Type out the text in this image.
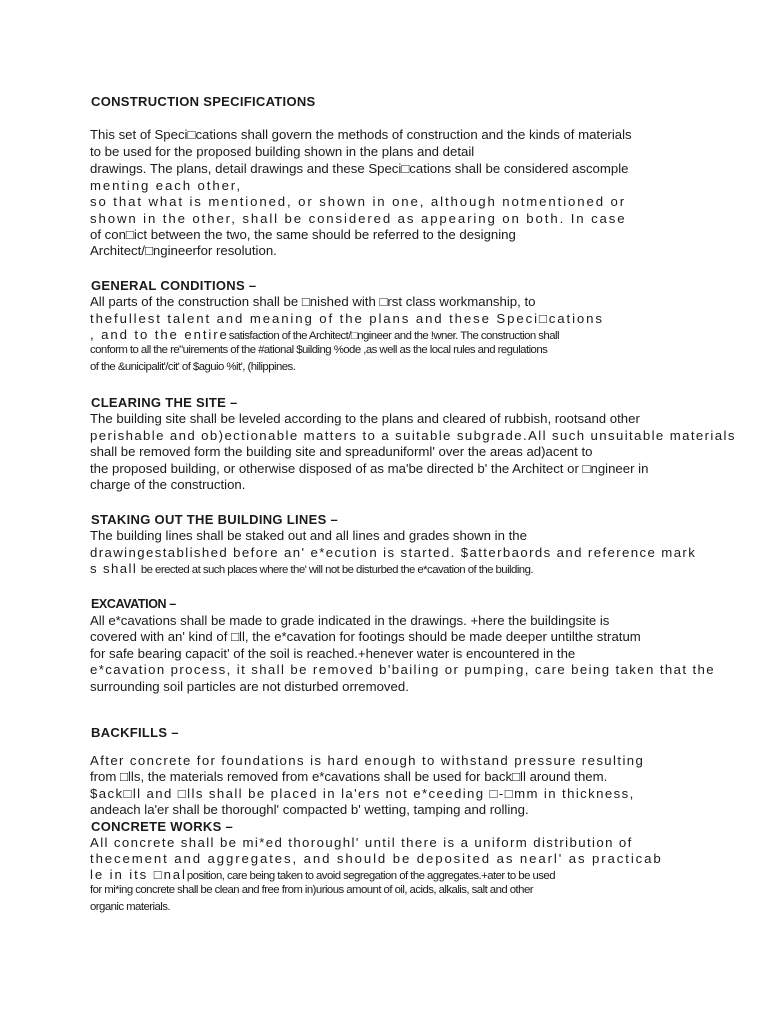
CONSTRUCTION SPECIFICATIONS
This set of Speci□cations shall govern the methods of construction and the kinds of materials
to be used for the proposed building shown in the plans and detail
drawings. The plans, detail drawings and these Speci□cations shall be considered ascomple
menting each other,
so that what is mentioned, or shown in one, although notmentioned or
shown in the other, shall be considered as appearing on both. In case
of con□ict between the two, the same should be referred to the designing
Architect/□ngineerfor resolution.
GENERAL CONDITIONS –
All parts of the construction shall be □nished with □rst class workmanship, to
thefullest talent and meaning of the plans and these Speci□cations
, and to the entiresatisfaction of the Architect/□ngineer and the !wner. The construction shall
conform to all the re"uirements of the #ational $uilding %ode ,as well as the local rules and regulations
of the &unicipalit'/cit' of $aguio %it', (hilippines.
CLEARING THE SITE –
The building site shall be leveled according to the plans and cleared of rubbish, rootsand other
perishable and ob)ectionable matters to a suitable subgrade.All such unsuitable materials
shall be removed form the building site and spreaduniforml' over the areas ad)acent to
the proposed building, or otherwise disposed of as ma'be directed b' the Architect or □ngineer in
charge of the construction.
STAKING OUT THE BUILDING LINES –
The building lines shall be staked out and all lines and grades shown in the
drawingestablished before an' e*ecution is started. $atterbaords and reference mark
s shall be erected at such places where the' will not be disturbed the e*cavation of the building.
EXCAVATION –
All e*cavations shall be made to grade indicated in the drawings. +here the buildingsite is
covered with an' kind of □ll, the e*cavation for footings should be made deeper untilthe stratum
for safe bearing capacit' of the soil is reached.+henever water is encountered in the
e*cavation process, it shall be removed b'bailing or pumping, care being taken that the
surrounding soil particles are not disturbed orremoved.
BACKFILLS –
After concrete for foundations is hard enough to withstand pressure resulting
from □lls, the materials removed from e*cavations shall be used for back□ll around them.
$ack□ll and □lls shall be placed in la'ers not e*ceeding □-□mm in thickness,
andeach la'er shall be thoroughl' compacted b' wetting, tamping and rolling.
CONCRETE WORKS –
All concrete shall be mi*ed thoroughl' until there is a uniform distribution of
thecement and aggregates, and should be deposited as nearl' as practicab
le in its □nalposition, care being taken to avoid segregation of the aggregates.+ater to be used
for mi*ing concrete shall be clean and free from in)urious amount of oil, acids, alkalis, salt and other
organic materials.
